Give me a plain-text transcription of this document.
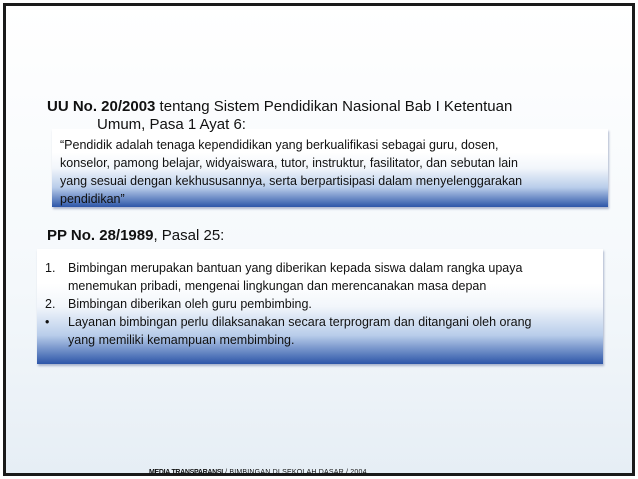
UU No. 20/2003 tentang Sistem Pendidikan Nasional Bab I Ketentuan
Umum, Pasa 1 Ayat 6:
“Pendidik adalah tenaga kependidikan yang berkualifikasi sebagai guru, dosen,
konselor, pamong belajar, widyaiswara, tutor, instruktur, fasilitator, dan sebutan lain
yang sesuai dengan kekhususannya, serta berpartisipasi dalam menyelenggarakan
pendidikan”
PP No. 28/1989, Pasal 25:
1. Bimbingan merupakan bantuan yang diberikan kepada siswa dalam rangka upaya
menemukan pribadi, mengenai lingkungan dan merencanakan masa depan
2. Bimbingan diberikan oleh guru pembimbing.
• Layanan bimbingan perlu dilaksanakan secara terprogram dan ditangani oleh orang
yang memiliki kemampuan membimbing.
MEDIA TRANSPARANSI / BIMBINGAN DI SEKOLAH DASAR / 2004
